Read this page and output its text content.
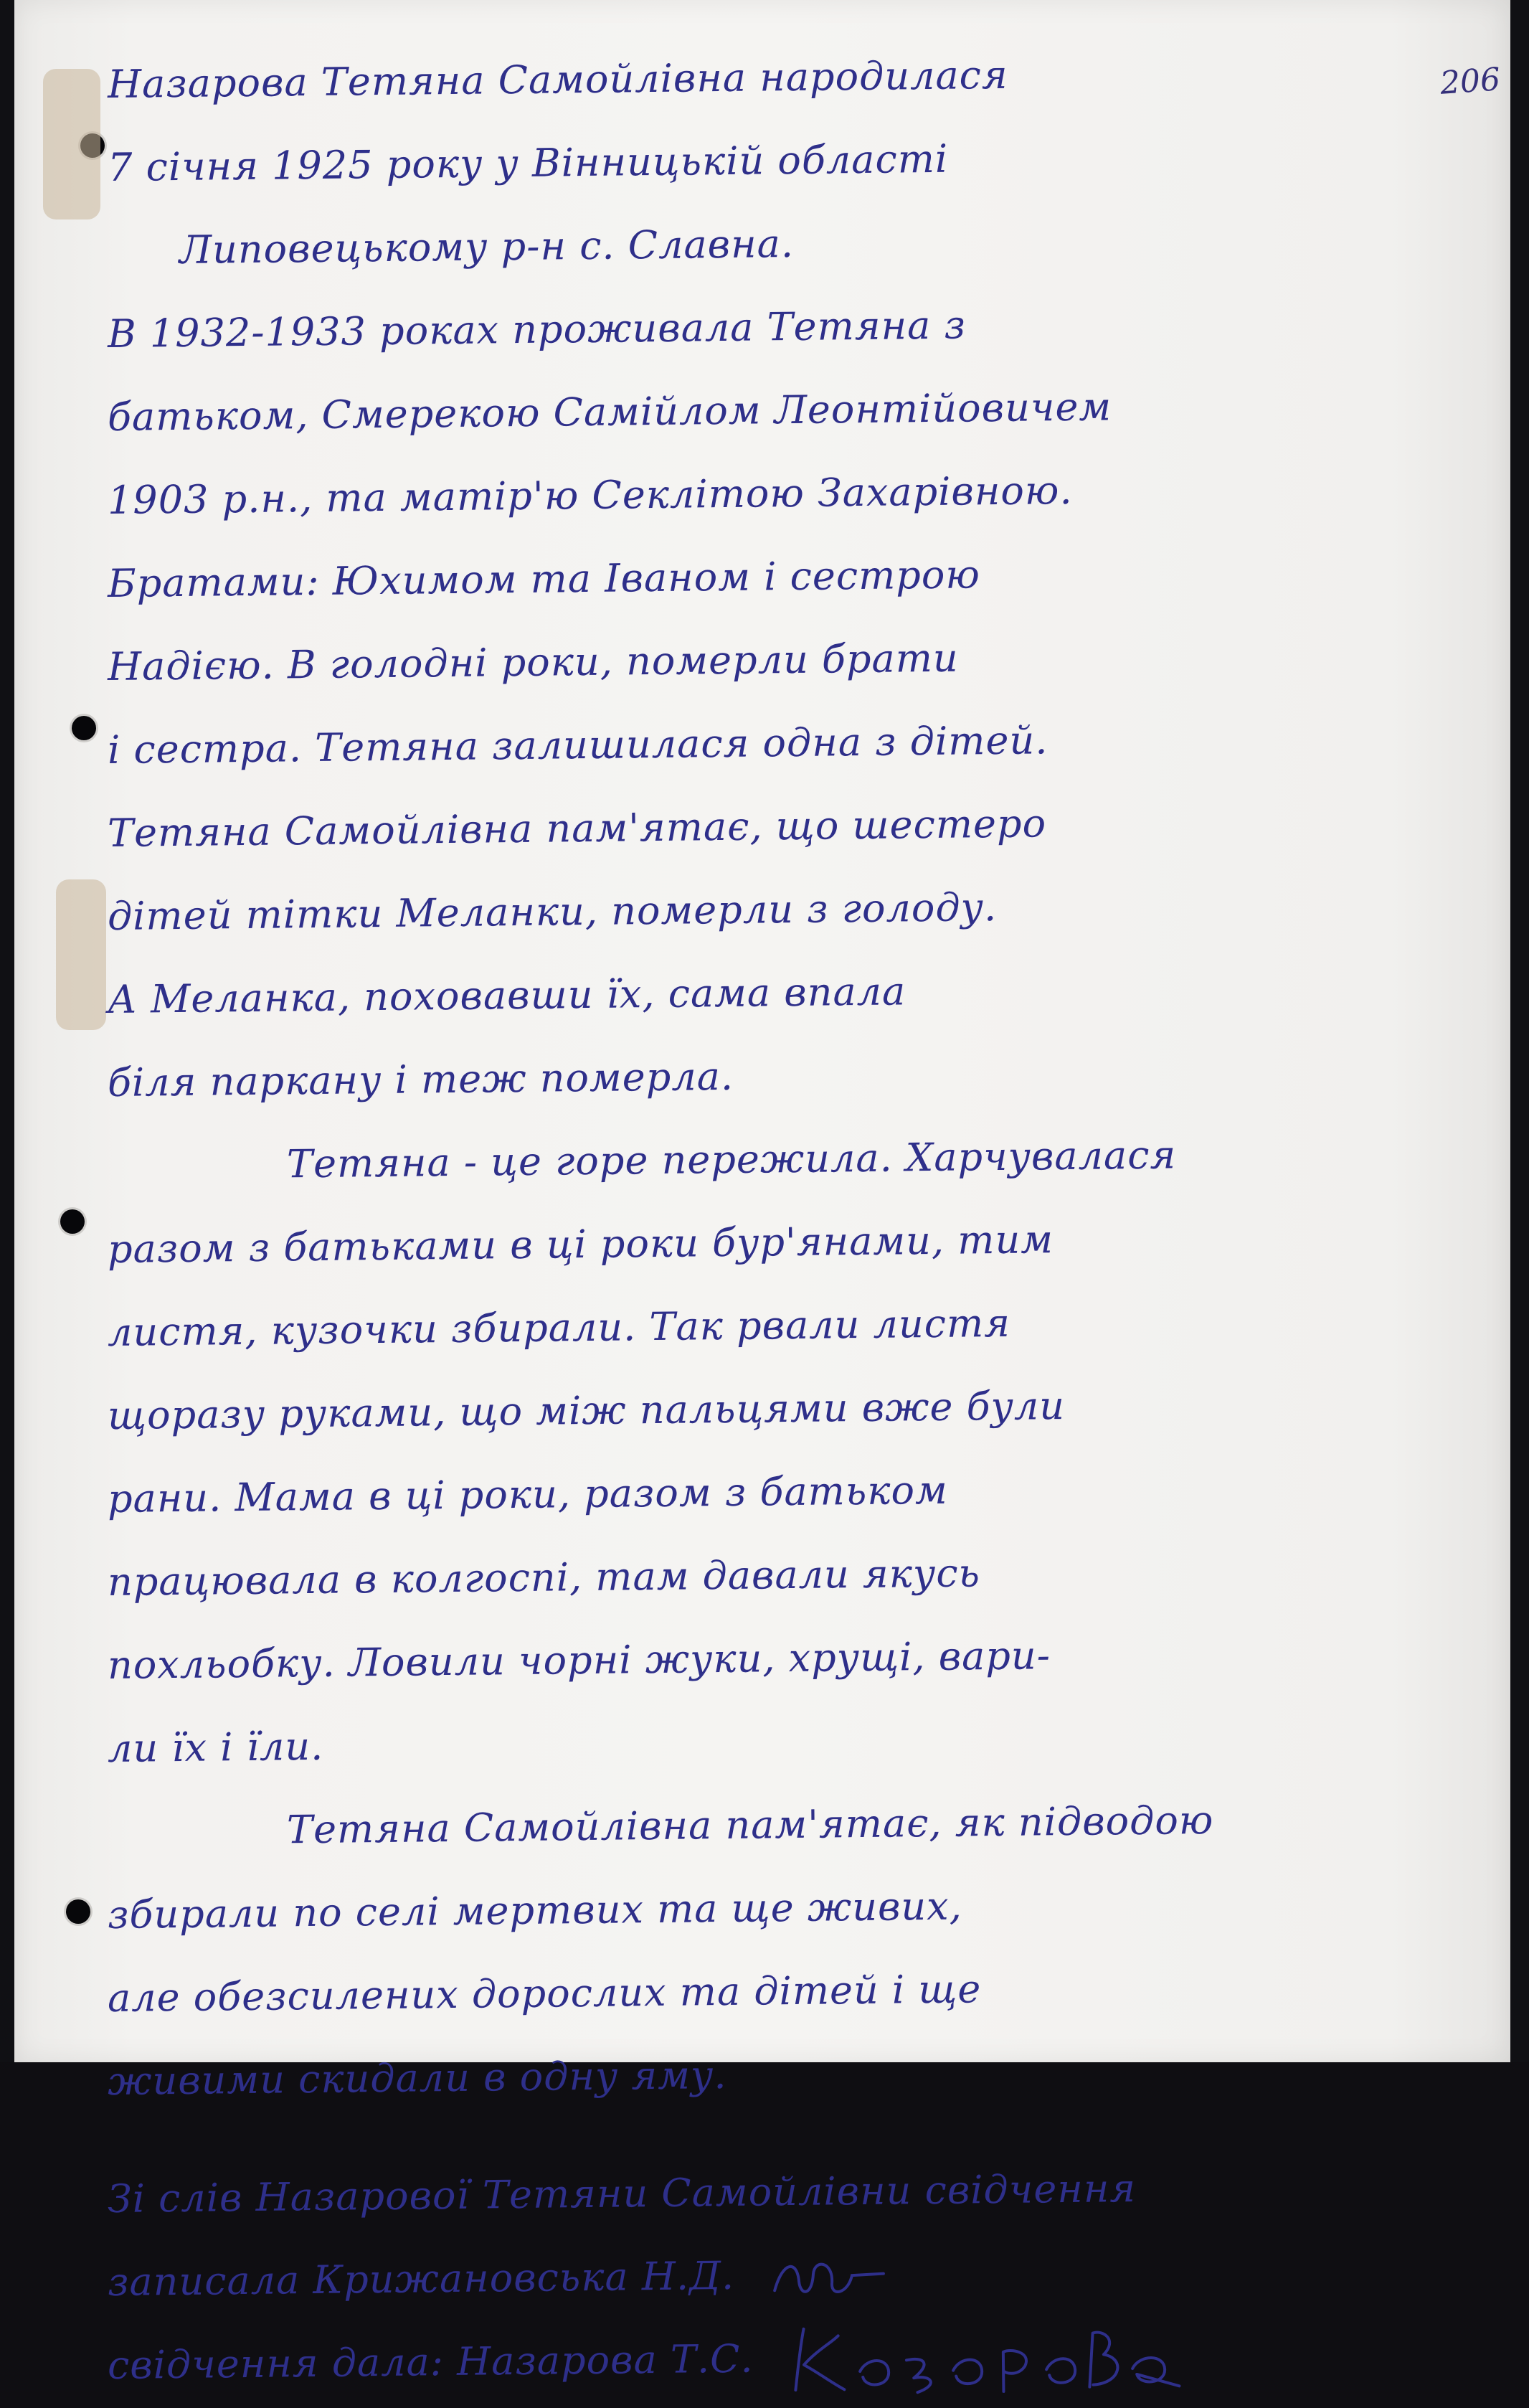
206
Назарова Тетяна Самойлівна народилася
7 січня 1925 року у Вінницькій області
Липовецькому р-н с. Славна.
В 1932-1933 роках проживала Тетяна з
батьком, Смерекою Самійлом Леонтійовичем
1903 р.н., та матір'ю Секлітою Захарівною.
Братами: Юхимом та Іваном і сестрою
Надією. В голодні роки, померли брати
і сестра. Тетяна залишилася одна з дітей.
Тетяна Самойлівна пам'ятає, що шестеро
дітей тітки Меланки, померли з голоду.
А Меланка, поховавши їх, сама впала
біля паркану і теж померла.
Тетяна - це горе пережила. Харчувалася
разом з батьками в ці роки бур'янами, тим
листя, кузочки збирали. Так рвали листя
щоразу руками, що між пальцями вже були
рани. Мама в ці роки, разом з батьком
працювала в колгоспі, там давали якусь
похльобку. Ловили чорні жуки, хрущі, вари-
ли їх і їли.
Тетяна Самойлівна пам'ятає, як підводою
збирали по селі мертвих та ще живих,
але обезсилених дорослих та дітей і ще
живими скидали в одну яму.
Зі слів Назарової Тетяни Самойлівни свідчення
записала Крижановська Н.Д.
свідчення дала: Назарова Т.С.
